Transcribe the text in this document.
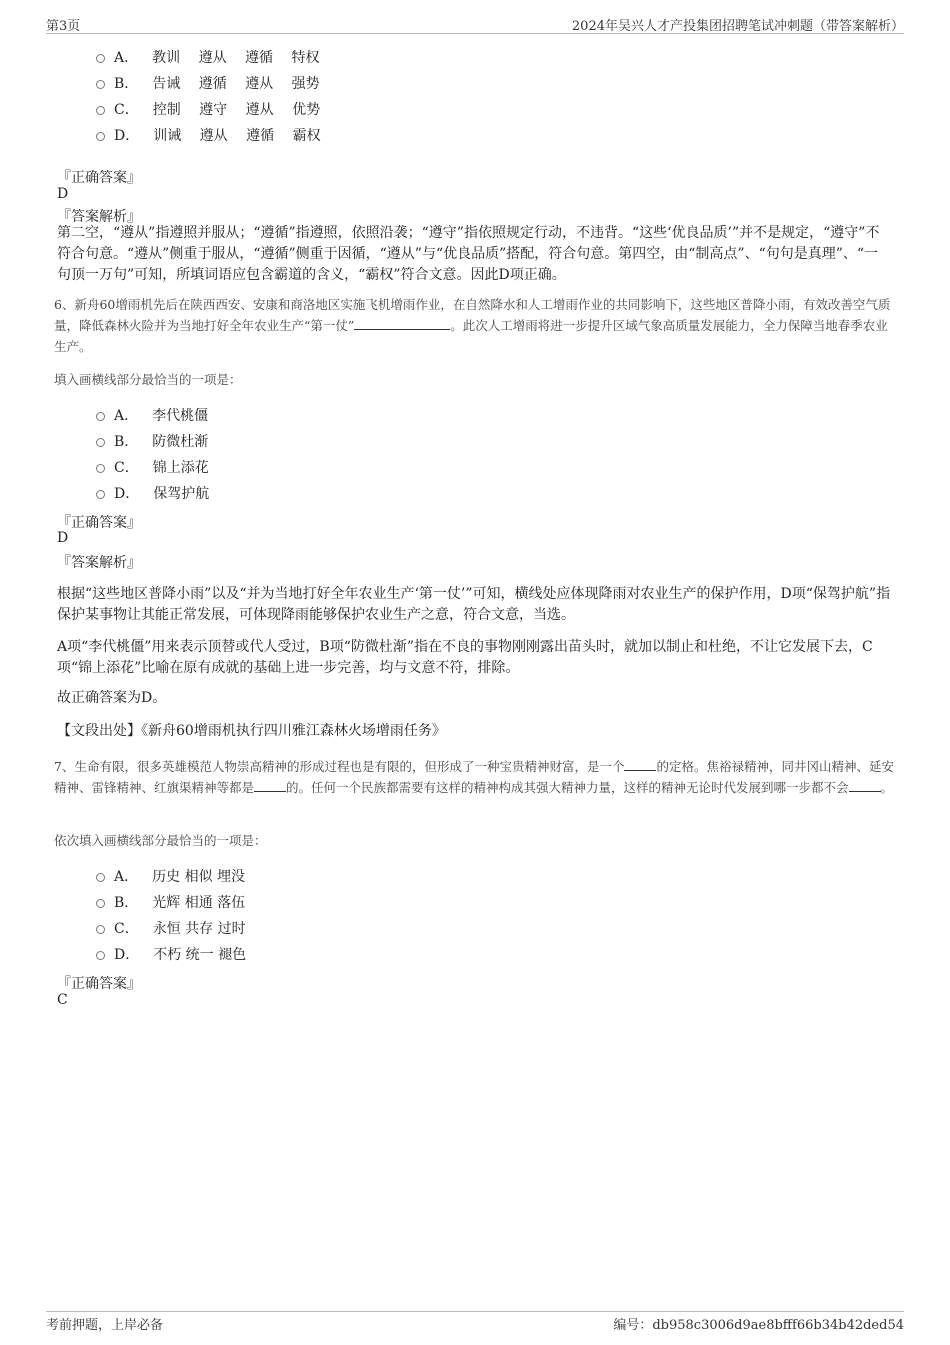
第3页	2024年吴兴人才产投集团招聘笔试冲刺题（带答案解析）
A． 教训　 遵从　 遵循　 特权
B． 告诫　 遵循　 遵从　 强势
C． 控制　 遵守　 遵从　 优势
D． 训诫　 遵从　 遵循　 霸权
『正确答案』
D
『答案解析』
第二空，“遵从”指遵照并服从；“遵循”指遵照，依照沿袭；“遵守”指依照规定行动，不违背。“这些‘优良品质’”并不是规定，“遵守”不符合句意。“遵从”侧重于服从，“遵循”侧重于因循，“遵从”与“优良品质”搭配，符合句意。第四空，由“制高点”、“句句是真理”、“一句顶一万句”可知，所填词语应包含霸道的含义，“霸权”符合文意。因此D项正确。
6、新舟60增雨机先后在陕西西安、安康和商洛地区实施飞机增雨作业，在自然降水和人工增雨作业的共同影响下，这些地区普降小雨，有效改善空气质量，降低森林火险并为当地打好全年农业生产“第一仗”	。此次人工增雨将进一步提升区域气象高质量发展能力，全力保障当地春季农业生产。
填入画横线部分最恰当的一项是：
A． 李代桃僵
B． 防微杜渐
C． 锦上添花
D． 保驾护航
『正确答案』
D
『答案解析』
根据“这些地区普降小雨”以及“并为当地打好全年农业生产‘第一仗’”可知，横线处应体现降雨对农业生产的保护作用，D项“保驾护航”指保护某事物让其能正常发展，可体现降雨能够保护农业生产之意，符合文意，当选。
A项“李代桃僵”用来表示顶替或代人受过，B项“防微杜渐”指在不良的事物刚刚露出苗头时，就加以制止和杜绝，不让它发展下去，C项“锦上添花”比喻在原有成就的基础上进一步完善，均与文意不符，排除。
故正确答案为D。
【文段出处】《新舟60增雨机执行四川雅江森林火场增雨任务》
7、生命有限，很多英雄模范人物崇高精神的形成过程也是有限的，但形成了一种宝贵精神财富，是一个	的定格。焦裕禄精神，同井冈山精神、延安精神、雷锋精神、红旗渠精神等都是	的。任何一个民族都需要有这样的精神构成其强大精神力量，这样的精神无论时代发展到哪一步都不会	。
依次填入画横线部分最恰当的一项是：
A． 历史 相似 埋没
B． 光辉 相通 落伍
C． 永恒 共存 过时
D． 不朽 统一 褪色
『正确答案』
C
考前押题，上岸必备	编号：db958c3006d9ae8bfff66b34b42ded54
